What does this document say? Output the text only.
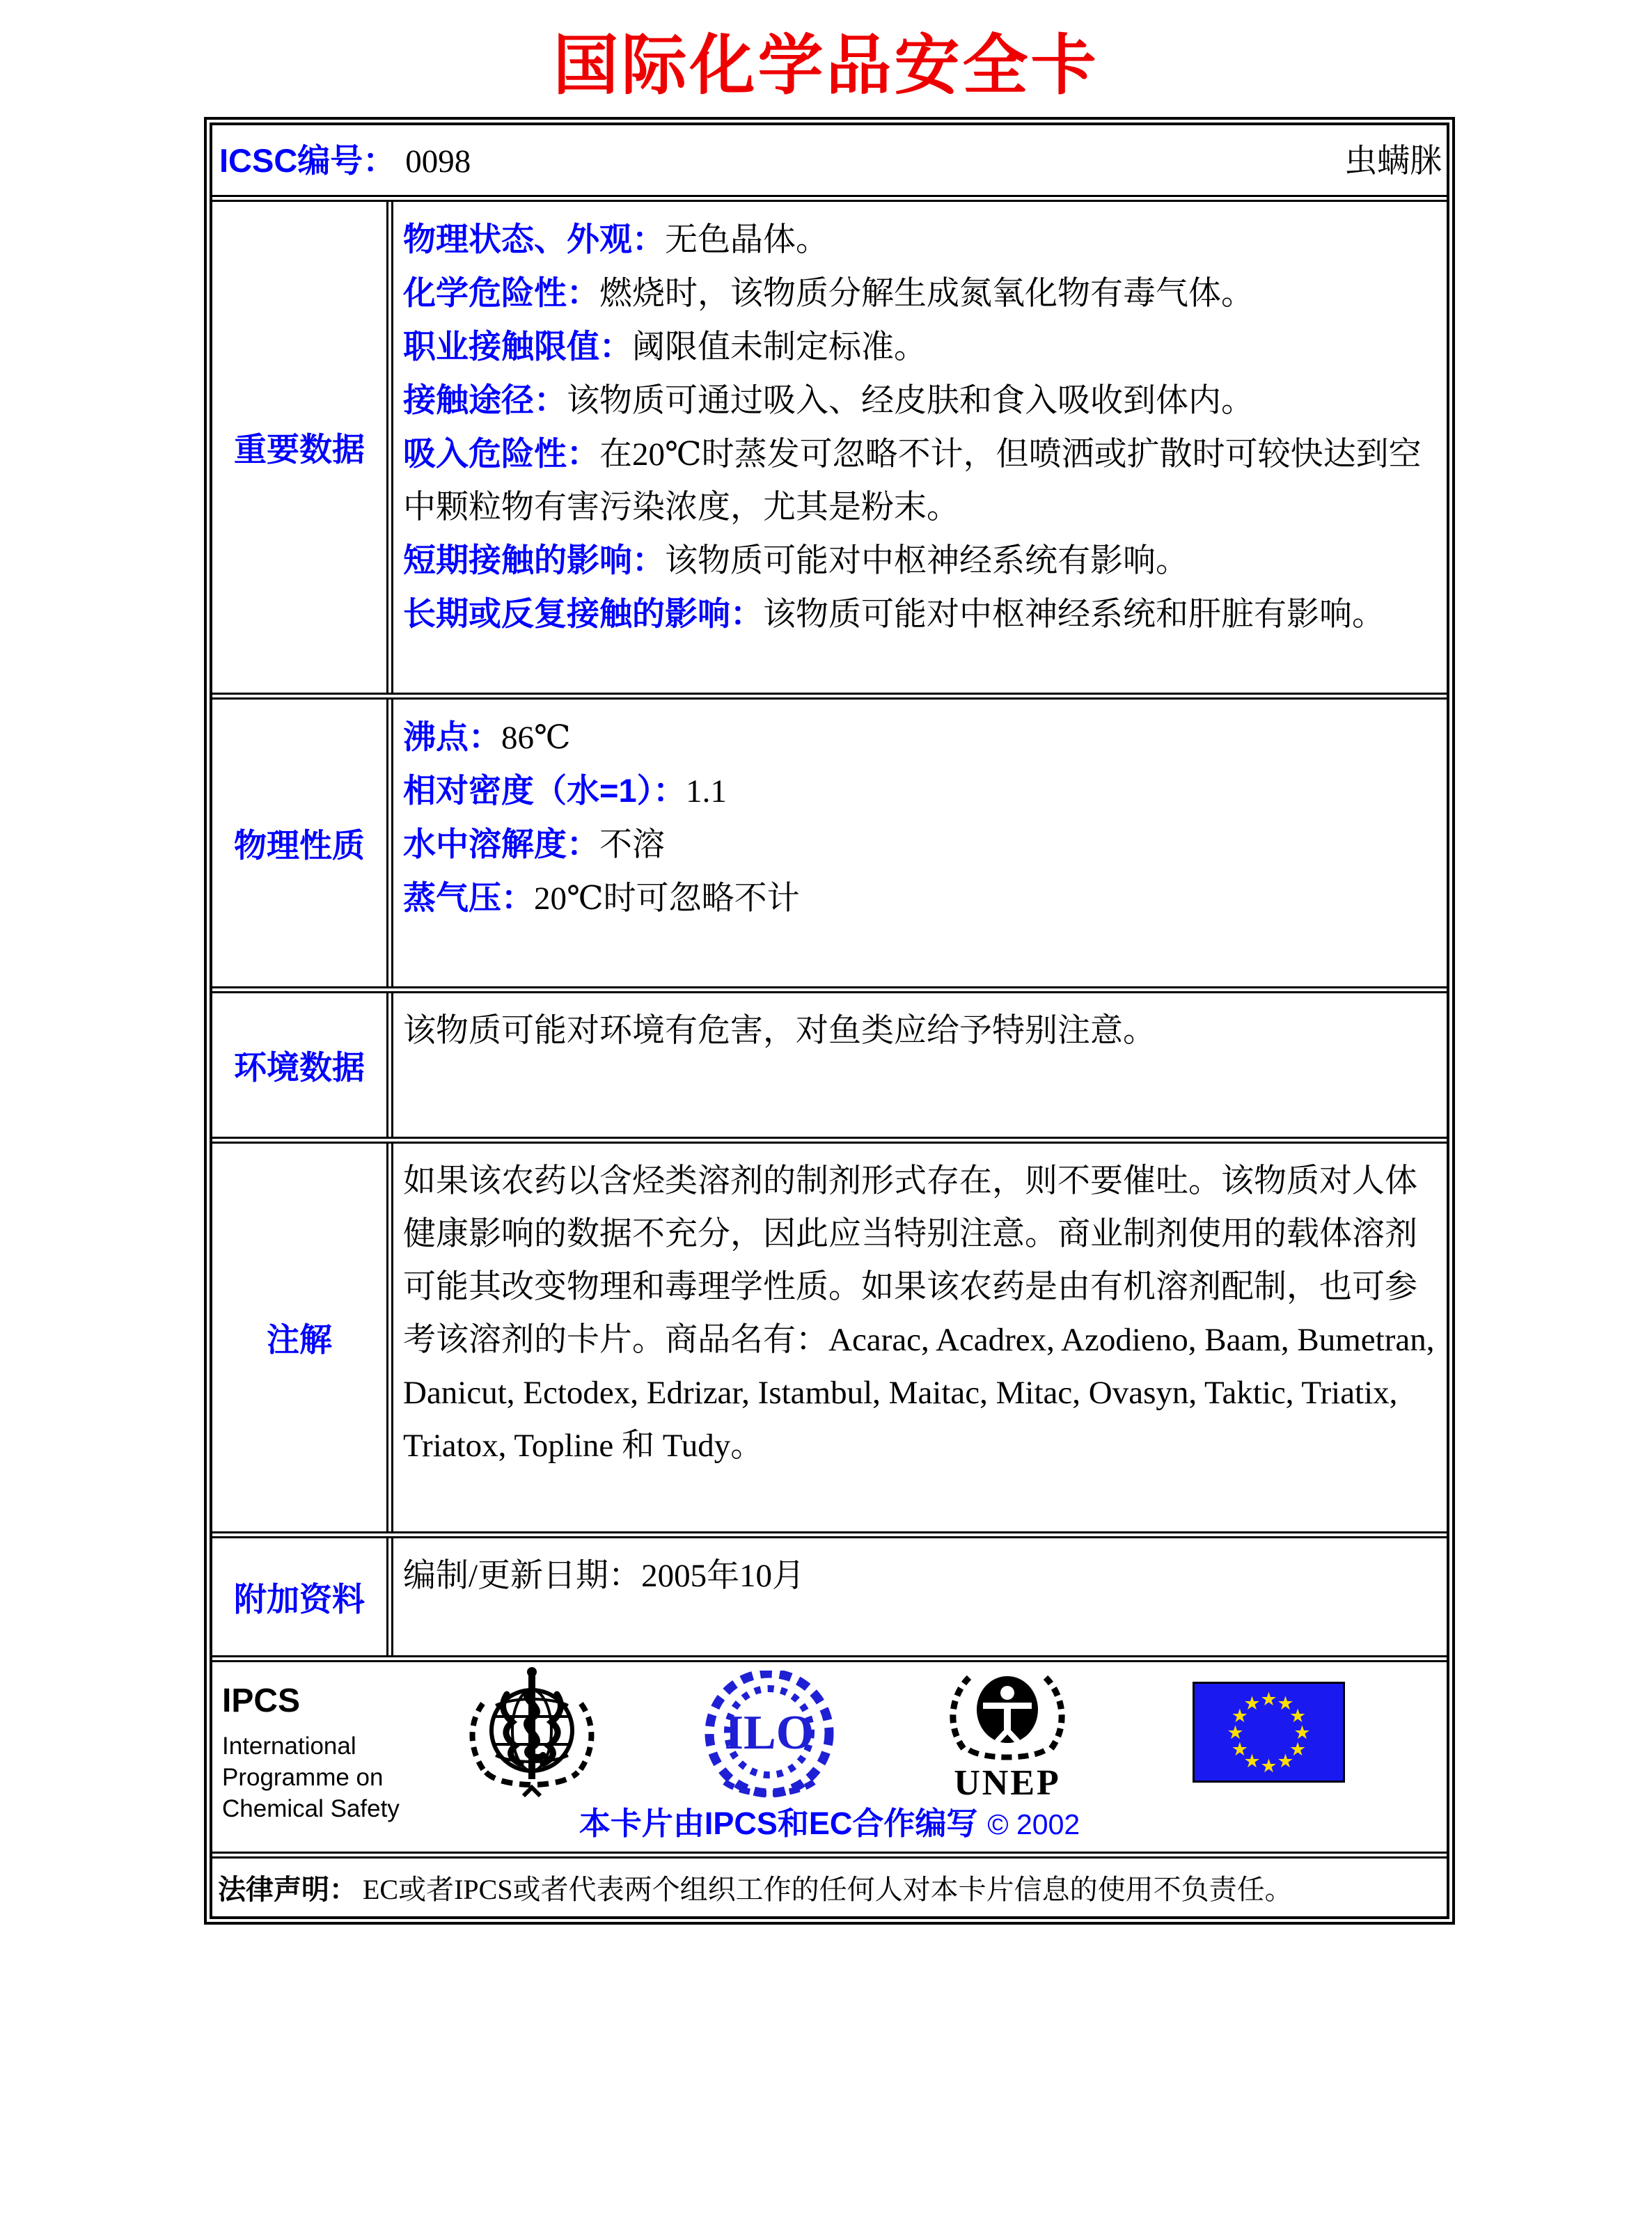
国际化学品安全卡
ICSC编号： 0098	虫螨脒
重要数据

物理状态、外观：无色晶体。

化学危险性：燃烧时，该物质分解生成氮氧化物有毒气体。

职业接触限值：阈限值未制定标准。

接触途径：该物质可通过吸入、经皮肤和食入吸收到体内。

吸入危险性：在20℃时蒸发可忽略不计，但喷洒或扩散时可较快达到空中颗粒物有害污染浓度，尤其是粉末。

短期接触的影响：该物质可能对中枢神经系统有影响。

长期或反复接触的影响：该物质可能对中枢神经系统和肝脏有影响。

物理性质

沸点：86℃

相对密度（水=1）：1.1

水中溶解度：不溶

蒸气压：20℃时可忽略不计

环境数据

该物质可能对环境有危害，对鱼类应给予特别注意。

注解

如果该农药以含烃类溶剂的制剂形式存在，则不要催吐。该物质对人体健康影响的数据不充分，因此应当特别注意。商业制剂使用的载体溶剂可能其改变物理和毒理学性质。如果该农药是由有机溶剂配制，也可参考该溶剂的卡片。商品名有：Acarac, Acadrex, Azodieno, Baam, Bumetran, Danicut, Ectodex, Edrizar, Istambul, Maitac, Mitac, Ovasyn, Taktic, Triatix, Triatox, Topline 和 Tudy。

附加资料

编制/更新日期：2005年10月

IPCS
International
Programme on
Chemical Safety
ILO
UNEP
★ ★
★
★
★
★
★
★
★
★
★
★
本卡片由IPCS和EC合作编写 © 2002
法律声明： EC或者IPCS或者代表两个组织工作的任何人对本卡片信息的使用不负责任。
